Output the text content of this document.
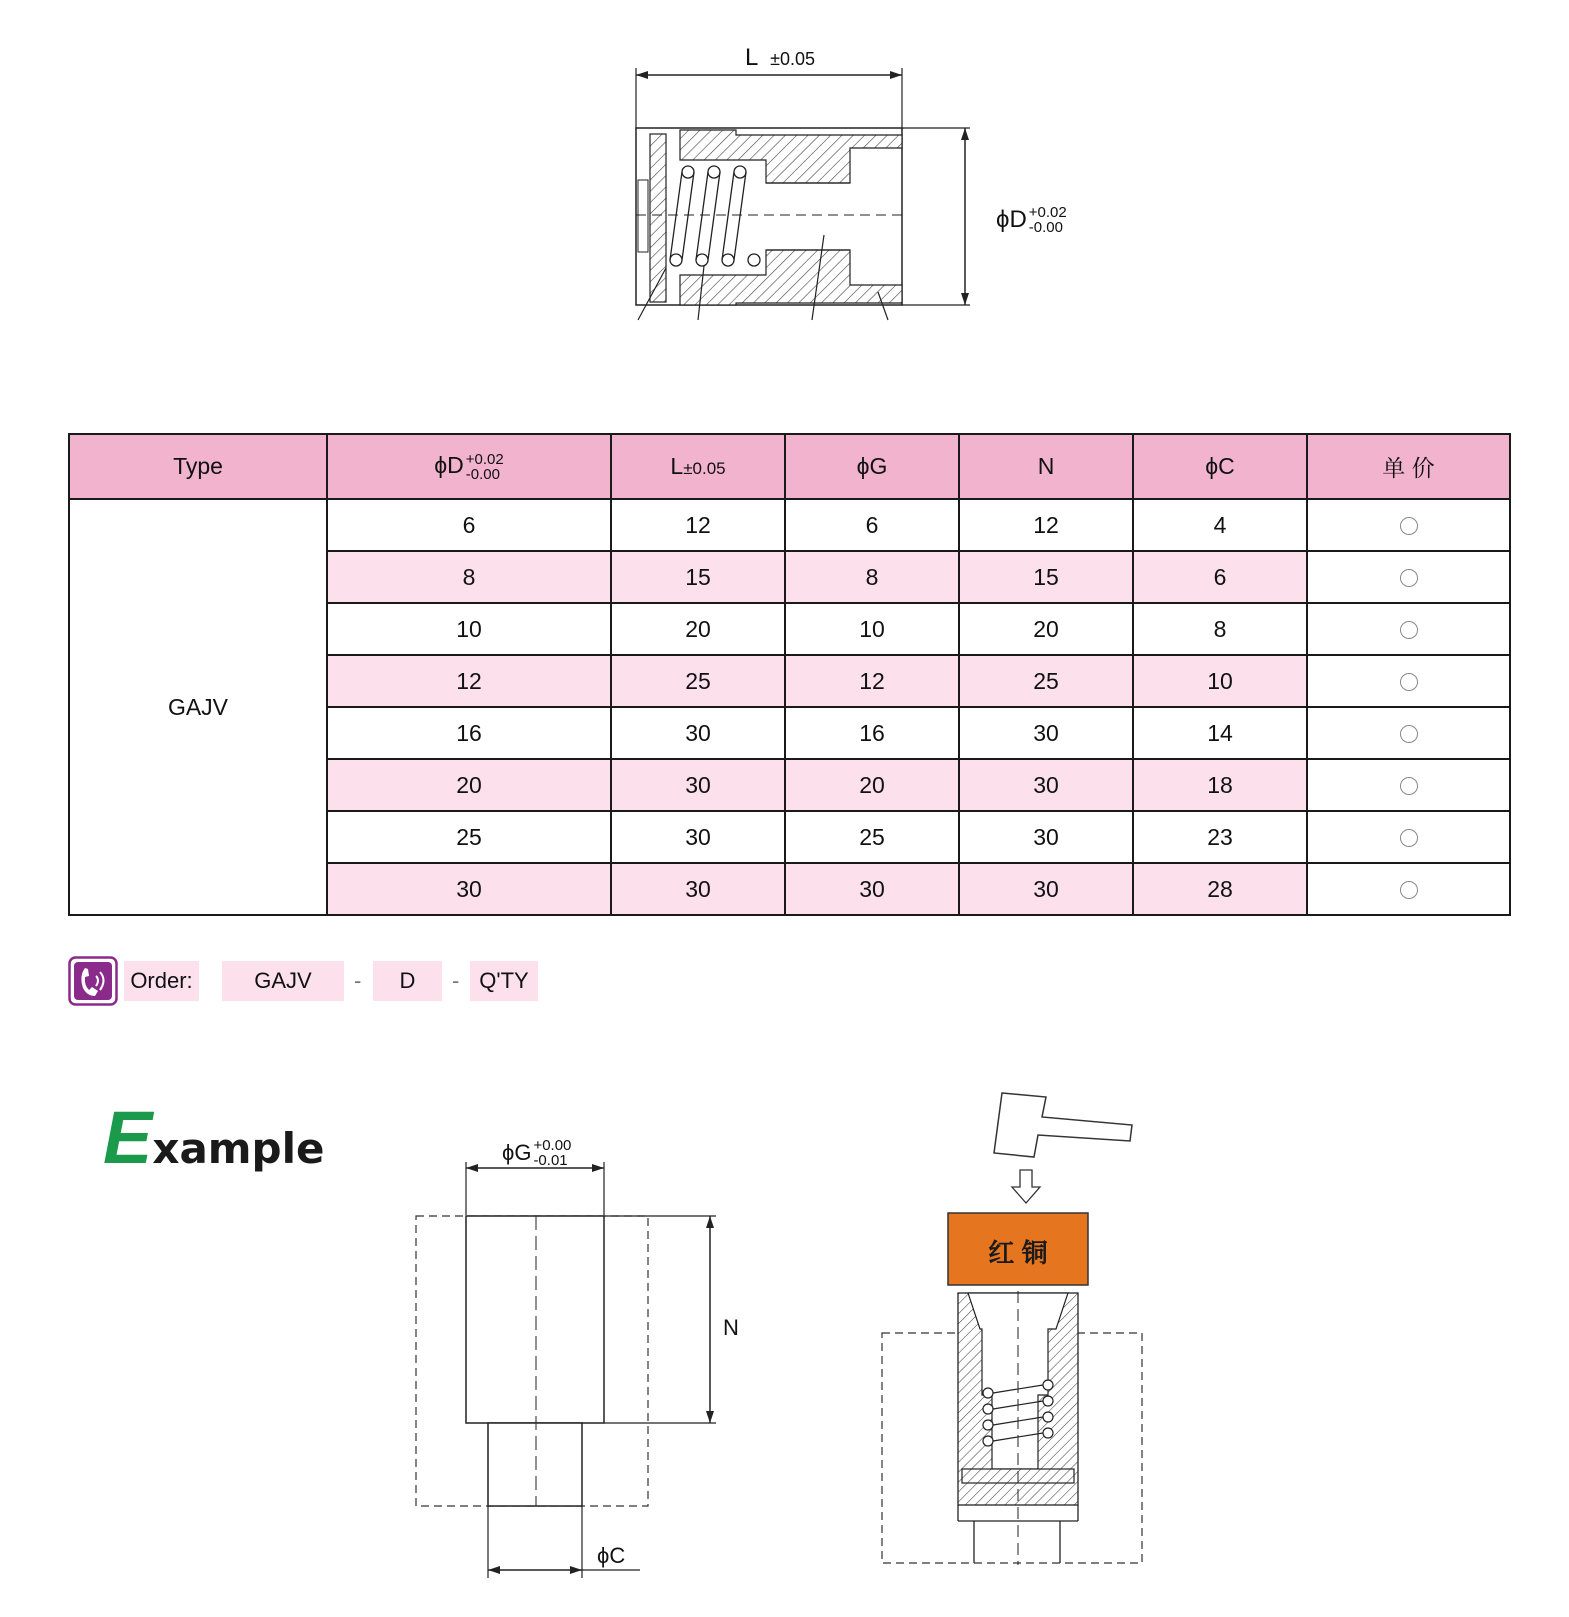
L ±0.05
ϕD +0.02
-0.00
Type	ϕD +0.02
-0.00	L±0.05	ϕG	N	ϕC	单 价
GAJV	6	12	6	12	4	
	8	15	8	15	6	
	10	20	10	20	8	
	12	25	12	25	10	
	16	30	16	30	14	
	20	30	20	30	18	
	25	30	25	30	23	
	30	30	30	30	28	
Order:	GAJV	-	D	- Q'TY
Example	ϕG +0.00
-0.01
N
ϕC
红 铜
